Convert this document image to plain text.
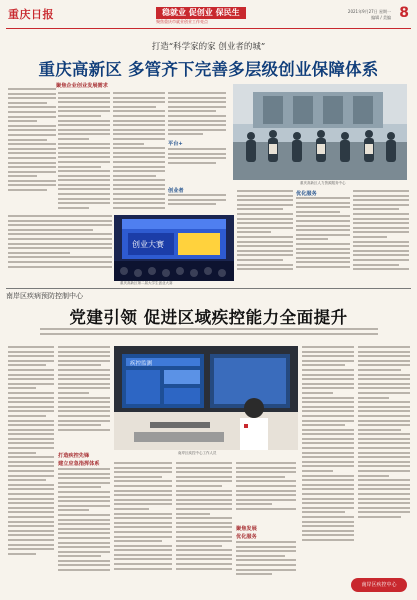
重庆日报	稳就业 促创业 保民生
聚焦重庆市就业创业工作亮点
2021年9月27日 星期一
编辑 / 美编 8
打造“科学家的家 创业者的城”
重庆高新区 多管齐下完善多层级创业保障体系
聚焦企业创业发展需求
平台+
重庆高新区人力资源服务中心
创业大赛
重庆高新区第二届大学生创业大赛
创业者	优化服务
南岸区疾病预防控制中心
党建引领 促进区域疾控能力全面提升
疾控监测
南岸区疾控中心工作人员
打造疾控先锋
建立应急指挥体系
聚焦发展
优化服务
南岸区疾控中心
